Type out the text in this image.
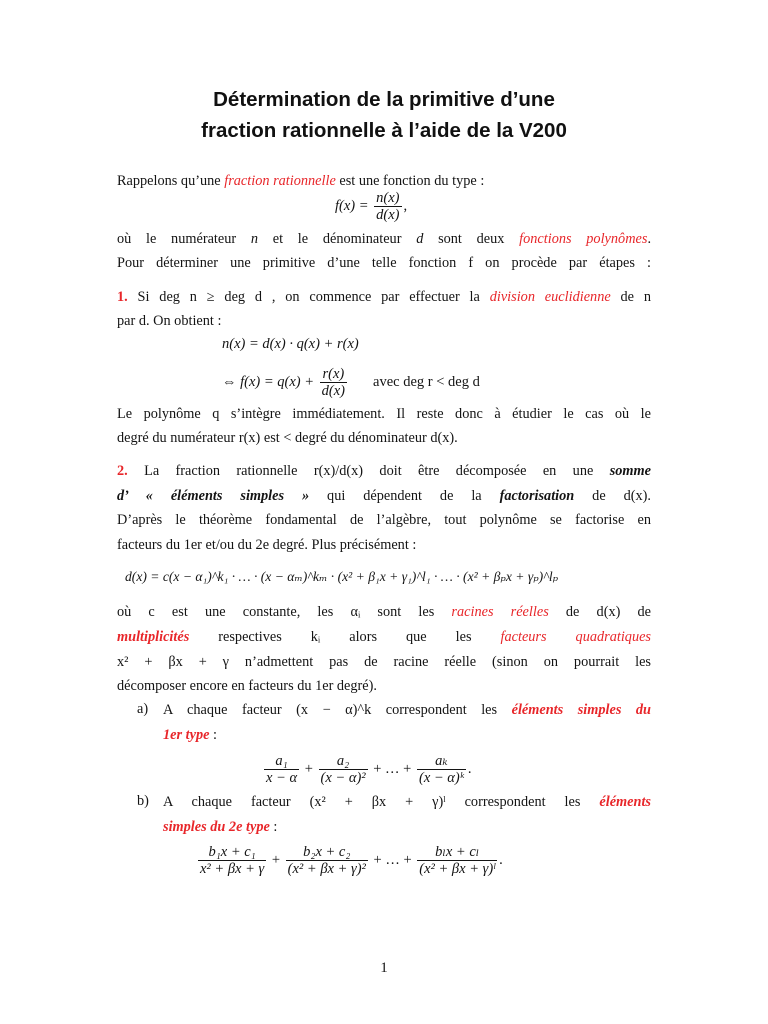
Détermination de la primitive d’une
fraction rationnelle à l’aide de la V200
Rappelons qu’une fraction rationnelle est une fonction du type :
$f(x) = \frac{n(x)}{d(x)}$ ,
où le numérateur n et le dénominateur d sont deux fonctions polynômes.
Pour déterminer une primitive d’une telle fonction f on procède par étapes :
1. Si deg n ≥ deg d , on commence par effectuer la division euclidienne de n
par d. On obtient :
n(x) = d(x) · q(x) + r(x)
⇔ $f(x) = q(x) + \frac{r(x)}{d(x)}$ avec deg r < deg d
Le polynôme q s’intègre immédiatement. Il reste donc à étudier le cas où le
degré du numérateur r(x) est < degré du dénominateur d(x).
2. La fraction rationnelle r(x)/d(x) doit être décomposée en une somme
d’ « éléments simples » qui dépendent de la factorisation de d(x).
D’après le théorème fondamental de l’algèbre, tout polynôme se factorise en
facteurs du 1er et/ou du 2e degré. Plus précisément :
d(x) = c(x − α₁)^k₁ · … · (x − αₘ)^kₘ · (x² + β₁x + γ₁)^l₁ · … · (x² + βₚx + γₚ)^lₚ
où c est une constante, les αᵢ sont les racines réelles de d(x) de
multiplicités respectives kᵢ alors que les facteurs quadratiques
x² + βx + γ n’admettent pas de racine réelle (sinon on pourrait les
décomposer encore en facteurs du 1er degré).
a) A chaque facteur (x − α)^k correspondent les éléments simples du
1er type :
$\frac{\text{a₁}}{x - \alpha} + \frac{\text{a₂}}{\text{(x − α)²}}$ + … + $\frac{\text{aₖ}}{\text{(x − α)ᵏ}}$ .
b) A chaque facteur (x² + βx + γ)ˡ correspondent les éléments
simples du 2e type :
$\frac{\text{b₁x + c₁}}{\text{x² + βx + γ}} + \frac{\text{b₂x + c₂}}{\text{(x² + βx + γ)²}}$ + … + $\frac{\text{bₗx + cₗ}}{\text{(x² + βx + γ)ˡ}}$ .
1
